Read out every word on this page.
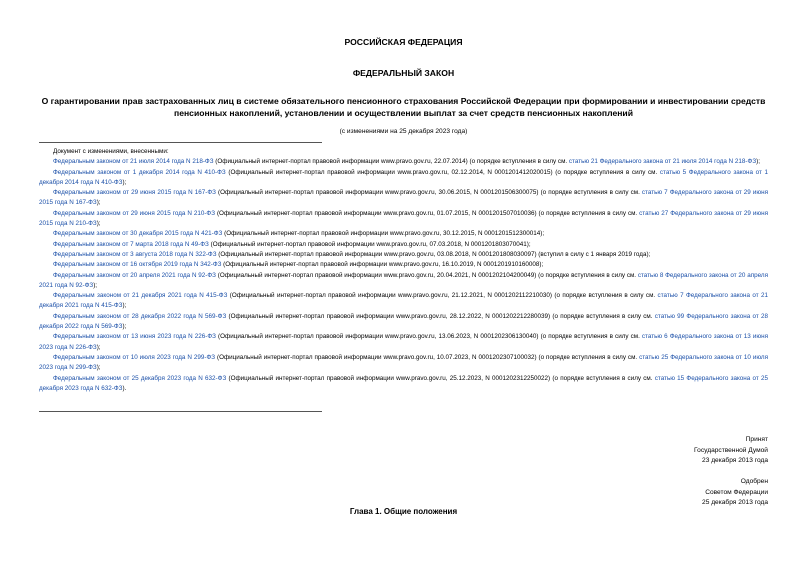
РОССИЙСКАЯ ФЕДЕРАЦИЯ
ФЕДЕРАЛЬНЫЙ ЗАКОН
О гарантировании прав застрахованных лиц в системе обязательного пенсионного страхования Российской Федерации при формировании и инвестировании средств пенсионных накоплений, установлении и осуществлении выплат за счет средств пенсионных накоплений
(с изменениями на 25 декабря 2023 года)
Документ с изменениями, внесенными:
Федеральным законом от 21 июля 2014 года N 218-ФЗ (Официальный интернет-портал правовой информации www.pravo.gov.ru, 22.07.2014) (о порядке вступления в силу см. статью 21 Федерального закона от 21 июля 2014 года N 218-ФЗ);
Федеральным законом от 1 декабря 2014 года N 410-ФЗ (Официальный интернет-портал правовой информации www.pravo.gov.ru, 02.12.2014, N 0001201412020015) (о порядке вступления в силу см. статью 5 Федерального закона от 1 декабря 2014 года N 410-ФЗ);
Федеральным законом от 29 июня 2015 года N 167-ФЗ (Официальный интернет-портал правовой информации www.pravo.gov.ru, 30.06.2015, N 0001201506300075) (о порядке вступления в силу см. статью 7 Федерального закона от 29 июня 2015 года N 167-ФЗ);
Федеральным законом от 29 июня 2015 года N 210-ФЗ (Официальный интернет-портал правовой информации www.pravo.gov.ru, 01.07.2015, N 0001201507010036) (о порядке вступления в силу см. статью 27 Федерального закона от 29 июня 2015 года N 210-ФЗ);
Федеральным законом от 30 декабря 2015 года N 421-ФЗ (Официальный интернет-портал правовой информации www.pravo.gov.ru, 30.12.2015, N 0001201512300014);
Федеральным законом от 7 марта 2018 года N 49-ФЗ (Официальный интернет-портал правовой информации www.pravo.gov.ru, 07.03.2018, N 0001201803070041);
Федеральным законом от 3 августа 2018 года N 322-ФЗ (Официальный интернет-портал правовой информации www.pravo.gov.ru, 03.08.2018, N 0001201808030097) (вступил в силу с 1 января 2019 года);
Федеральным законом от 16 октября 2019 года N 342-ФЗ (Официальный интернет-портал правовой информации www.pravo.gov.ru, 16.10.2019, N 0001201910160008);
Федеральным законом от 20 апреля 2021 года N 92-ФЗ (Официальный интернет-портал правовой информации www.pravo.gov.ru, 20.04.2021, N 0001202104200049) (о порядке вступления в силу см. статью 8 Федерального закона от 20 апреля 2021 года N 92-ФЗ);
Федеральным законом от 21 декабря 2021 года N 415-ФЗ (Официальный интернет-портал правовой информации www.pravo.gov.ru, 21.12.2021, N 0001202112210030) (о порядке вступления в силу см. статью 7 Федерального закона от 21 декабря 2021 года N 415-ФЗ);
Федеральным законом от 28 декабря 2022 года N 569-ФЗ (Официальный интернет-портал правовой информации www.pravo.gov.ru, 28.12.2022, N 0001202212280039) (о порядке вступления в силу см. статью 99 Федерального закона от 28 декабря 2022 года N 569-ФЗ);
Федеральным законом от 13 июня 2023 года N 226-ФЗ (Официальный интернет-портал правовой информации www.pravo.gov.ru, 13.06.2023, N 0001202306130040) (о порядке вступления в силу см. статью 6 Федерального закона от 13 июня 2023 года N 226-ФЗ);
Федеральным законом от 10 июля 2023 года N 299-ФЗ (Официальный интернет-портал правовой информации www.pravo.gov.ru, 10.07.2023, N 0001202307100032) (о порядке вступления в силу см. статью 25 Федерального закона от 10 июля 2023 года N 299-ФЗ);
Федеральным законом от 25 декабря 2023 года N 632-ФЗ (Официальный интернет-портал правовой информации www.pravo.gov.ru, 25.12.2023, N 0001202312250022) (о порядке вступления в силу см. статью 15 Федерального закона от 25 декабря 2023 года N 632-ФЗ).
Принят
Государственной Думой
23 декабря 2013 года
Одобрен
Советом Федерации
25 декабря 2013 года
Глава 1. Общие положения
